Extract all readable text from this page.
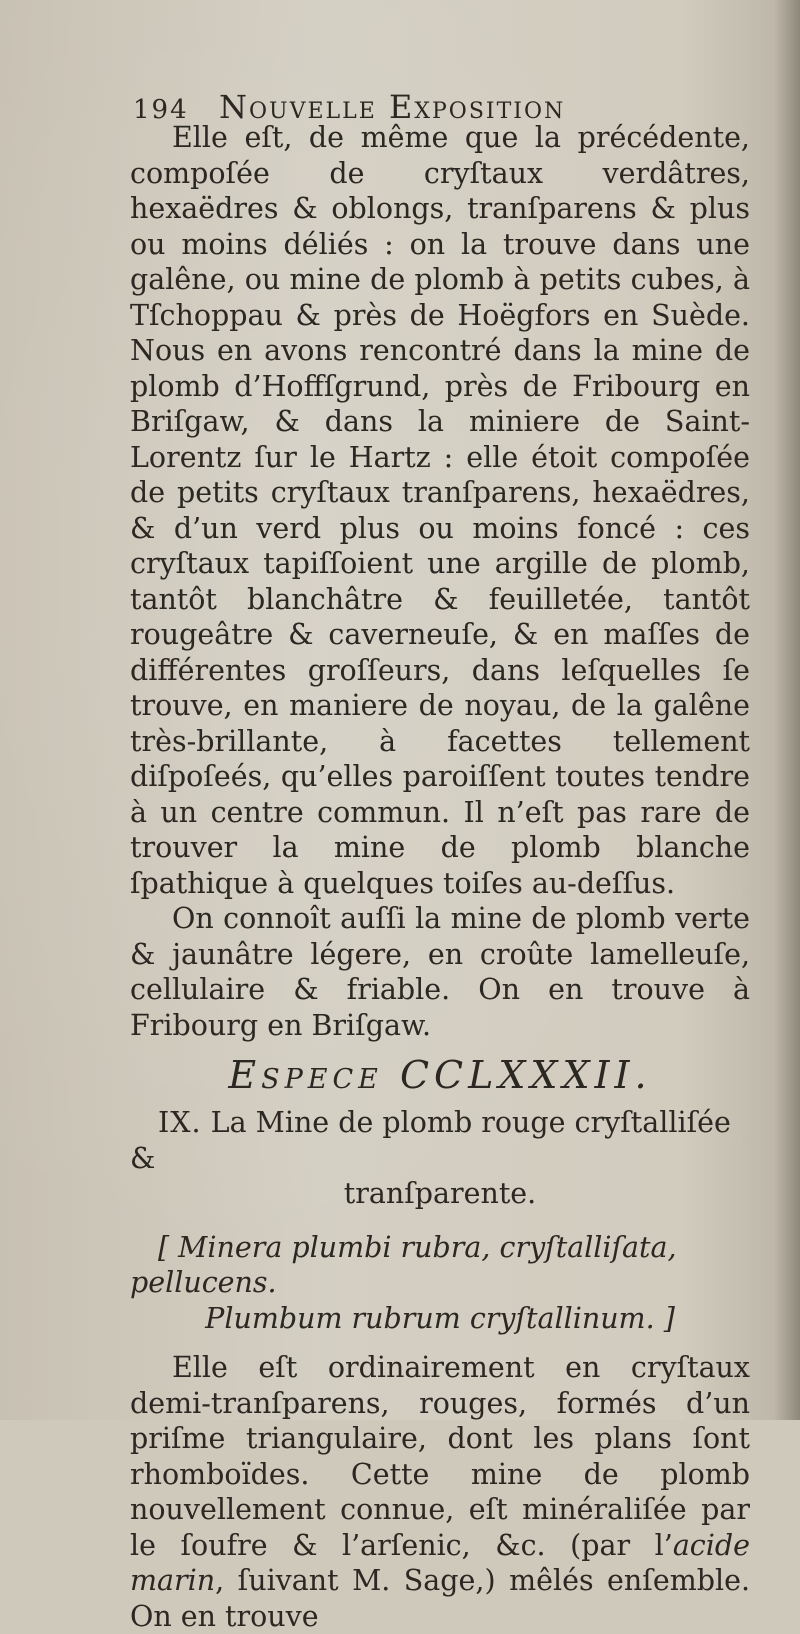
194 Nouvelle Exposition

Elle eſt, de même que la précédente, compoſée de cryſtaux verdâtres, hexaëdres & oblongs, tranſparens & plus ou moins déliés : on la trouve dans une galêne, ou mine de plomb à petits cubes, à Tſchoppau & près de Hoëgfors en Suède. Nous en avons rencontré dans la mine de plomb d’Hoffſgrund, près de Fribourg en Briſgaw, & dans la miniere de Saint-Lorentz ſur le Hartz : elle étoit compoſée de petits cryſtaux tranſparens, hexaëdres, & d’un verd plus ou moins foncé : ces cryſtaux tapiſſoient une argille de plomb, tantôt blanchâtre & feuilletée, tantôt rougeâtre & caverneuſe, & en maſſes de différentes groſſeurs, dans leſquelles ſe trouve, en maniere de noyau, de la galêne très-brillante, à facettes tellement diſpoſeés, qu’elles paroiſſent toutes tendre à un centre commun. Il n’eſt pas rare de trouver la mine de plomb blanche ſpathique à quelques toiſes au-deſſus.

On connoît auſſi la mine de plomb verte & jaunâtre légere, en croûte lamelleuſe, cellulaire & friable. On en trouve à Fribourg en Briſgaw.

Espece CCLXXXII.

IX. La Mine de plomb rouge cryſtalliſée &

tranſparente.

[ Minera plumbi rubra, cryſtalliſata, pellucens.

Plumbum rubrum cryſtallinum. ]

Elle eſt ordinairement en cryſtaux demi-tranſparens, rouges, formés d’un priſme triangulaire, dont les plans ſont rhomboïdes. Cette mine de plomb nouvellement connue, eſt minéraliſée par le ſoufre & l’arſenic, &c. (par l’acide marin, ſuivant M. Sage,) mêlés enſemble. On en trouve
